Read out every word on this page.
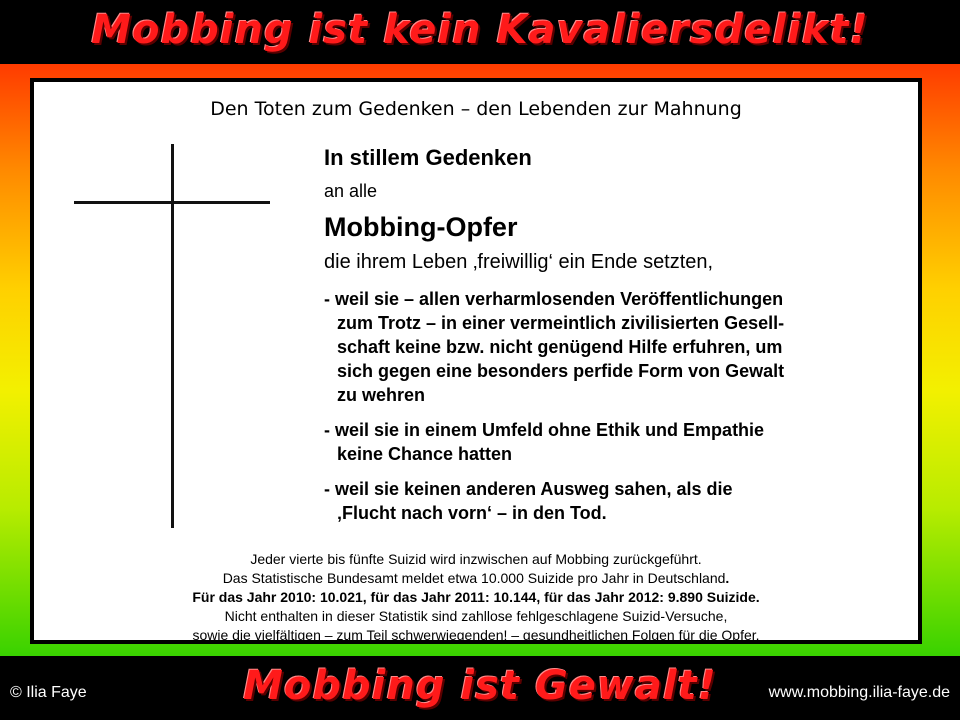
Mobbing ist kein Kavaliersdelikt!
Den Toten zum Gedenken – den Lebenden zur Mahnung

In stillem Gedenken

an alle

Mobbing-Opfer

die ihrem Leben ‚freiwillig‘ ein Ende setzten,

- weil sie – allen verharmlosenden Veröffentlichungen
zum Trotz – in einer vermeintlich zivilisierten Gesell-
schaft keine bzw. nicht genügend Hilfe erfuhren, um
sich gegen eine besonders perfide Form von Gewalt
zu wehren

- weil sie in einem Umfeld ohne Ethik und Empathie
keine Chance hatten

- weil sie keinen anderen Ausweg sahen, als die
‚Flucht nach vorn‘ – in den Tod.

Jeder vierte bis fünfte Suizid wird inzwischen auf Mobbing zurückgeführt.
Das Statistische Bundesamt meldet etwa 10.000 Suizide pro Jahr in Deutschland.
Für das Jahr 2010: 10.021, für das Jahr 2011: 10.144, für das Jahr 2012: 9.890 Suizide.
Nicht enthalten in dieser Statistik sind zahllose fehlgeschlagene Suizid-Versuche,
sowie die vielfältigen – zum Teil schwerwiegenden! – gesundheitlichen Folgen für die Opfer.
Mobbing ist Gewalt!
© Ilia Faye	www.mobbing.ilia-faye.de
